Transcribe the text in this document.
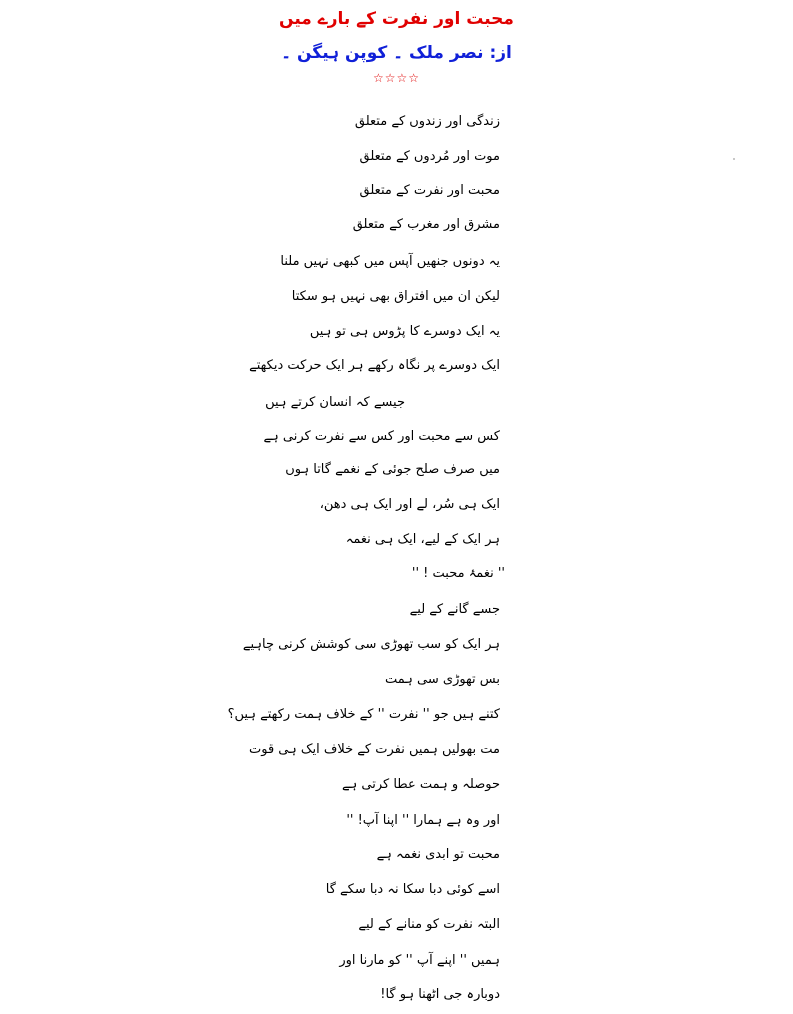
محبت اور نفرت کے بارے میں
از: نصر ملک ۔ کوپن ہیگن ۔
☆☆☆☆
زندگی اور زندوں کے متعلق
موت اور مُردوں کے متعلق
محبت اور نفرت کے متعلق
مشرق اور مغرب کے متعلق
یہ دونوں جنھیں آپس میں کبھی نہیں ملنا
لیکن ان میں افتراق بھی نہیں ہو سکتا
یہ ایک دوسرے کا پڑوس ہی تو ہیں
ایک دوسرے پر نگاہ رکھے ہر ایک حرکت دیکھتے
جیسے کہ انسان کرتے ہیں
کس سے محبت اور کس سے نفرت کرنی ہے
میں صرف صلح جوئی کے نغمے گاتا ہوں
ایک ہی سُر، لے اور ایک ہی دھن،
ہر ایک کے لیے، ایک ہی نغمہ
'' نغمۂ محبت ! ''
جسے گانے کے لیے
ہر ایک کو سب تھوڑی سی کوشش کرنی چاہیے
بس تھوڑی سی ہمت
کتنے ہیں جو '' نفرت '' کے خلاف ہمت رکھتے ہیں؟
مت بھولیں ہمیں نفرت کے خلاف ایک ہی قوت
حوصلہ و ہمت عطا کرتی ہے
اور وہ ہے ہمارا '' اپنا آپ! ''
محبت تو ابدی نغمہ ہے
اسے کوئی دبا سکا نہ دبا سکے گا
البتہ نفرت کو منانے کے لیے
ہمیں '' اپنے آپ '' کو مارنا اور
دوبارہ جی اٹھنا ہو گا!
